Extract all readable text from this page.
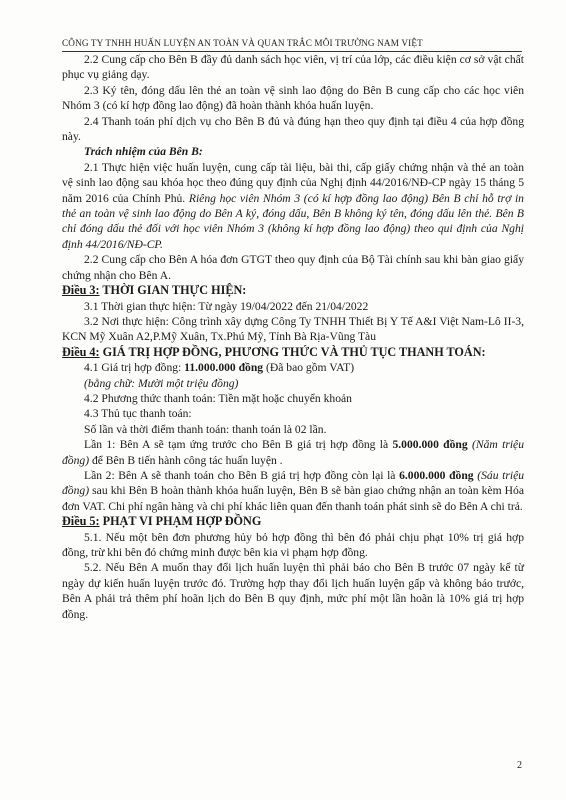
CÔNG TY TNHH HUẤN LUYỆN AN TOÀN VÀ QUAN TRẮC MÔI TRƯỜNG NAM VIỆT

2.2 Cung cấp cho Bên B đầy đủ danh sách học viên, vị trí của lớp, các điều kiện cơ sở vật chất phục vụ giảng dạy.

2.3 Ký tên, đóng dấu lên thẻ an toàn vệ sinh lao động do Bên B cung cấp cho các học viên Nhóm 3 (có kí hợp đồng lao động) đã hoàn thành khóa huấn luyện.

2.4 Thanh toán phí dịch vụ cho Bên B đủ và đúng hạn theo quy định tại điều 4 của hợp đồng này.

Trách nhiệm của Bên B:

2.1 Thực hiện việc huấn luyện, cung cấp tài liệu, bài thi, cấp giấy chứng nhận và thẻ an toàn vệ sinh lao động sau khóa học theo đúng quy định của Nghị định 44/2016/NĐ-CP ngày 15 tháng 5 năm 2016 của Chính Phủ. Riêng học viên Nhóm 3 (có kí hợp đồng lao động) Bên B chỉ hỗ trợ in thẻ an toàn vệ sinh lao động do Bên A ký, đóng dấu, Bên B không ký tên, đóng dấu lên thẻ. Bên B chỉ đóng dấu thẻ đối với học viên Nhóm 3 (không kí hợp đồng lao động) theo qui định của Nghị định 44/2016/NĐ-CP.

2.2 Cung cấp cho Bên A hóa đơn GTGT theo quy định của Bộ Tài chính sau khi bàn giao giấy chứng nhận cho Bên A.

Điều 3: THỜI GIAN THỰC HIỆN:

3.1 Thời gian thực hiện: Từ ngày 19/04/2022 đến 21/04/2022

3.2 Nơi thực hiện: Công trình xây dựng Công Ty TNHH Thiết Bị Y Tế A&I Việt Nam-Lô II-3, KCN Mỹ Xuân A2,P.Mỹ Xuân, Tx.Phú Mỹ, Tỉnh Bà Rịa-Vũng Tàu

Điều 4: GIÁ TRỊ HỢP ĐỒNG, PHƯƠNG THỨC VÀ THỦ TỤC THANH TOÁN:

4.1 Giá trị hợp đồng: 11.000.000 đồng (Đã bao gồm VAT)

(bằng chữ: Mười một triệu đồng)

4.2 Phương thức thanh toán: Tiền mặt hoặc chuyển khoản

4.3 Thủ tục thanh toán:

Số lần và thời điểm thanh toán: thanh toán là 02 lần.

Lần 1: Bên A sẽ tạm ứng trước cho Bên B giá trị hợp đồng là 5.000.000 đồng (Năm triệu đồng) để Bên B tiến hành công tác huấn luyện .

Lần 2: Bên A sẽ thanh toán cho Bên B giá trị hợp đồng còn lại là 6.000.000 đồng (Sáu triệu đồng) sau khi Bên B hoàn thành khóa huấn luyện, Bên B sẽ bàn giao chứng nhận an toàn kèm Hóa đơn VAT. Chi phí ngân hàng và chi phí khác liên quan đến thanh toán phát sinh sẽ do Bên A chi trả.

Điều 5: PHẠT VI PHẠM HỢP ĐỒNG

5.1. Nếu một bên đơn phương hủy bỏ hợp đồng thì bên đó phải chịu phạt 10% trị giá hợp đồng, trừ khi bên đó chứng minh được bên kia vi phạm hợp đồng.

5.2. Nếu Bên A muốn thay đổi lịch huấn luyện thì phải báo cho Bên B trước 07 ngày kể từ ngày dự kiến huấn luyện trước đó. Trường hợp thay đổi lịch huấn luyện gấp và không báo trước, Bên A phải trả thêm phí hoãn lịch do Bên B quy định, mức phí một lần hoãn là 10% giá trị hợp đồng.

2
